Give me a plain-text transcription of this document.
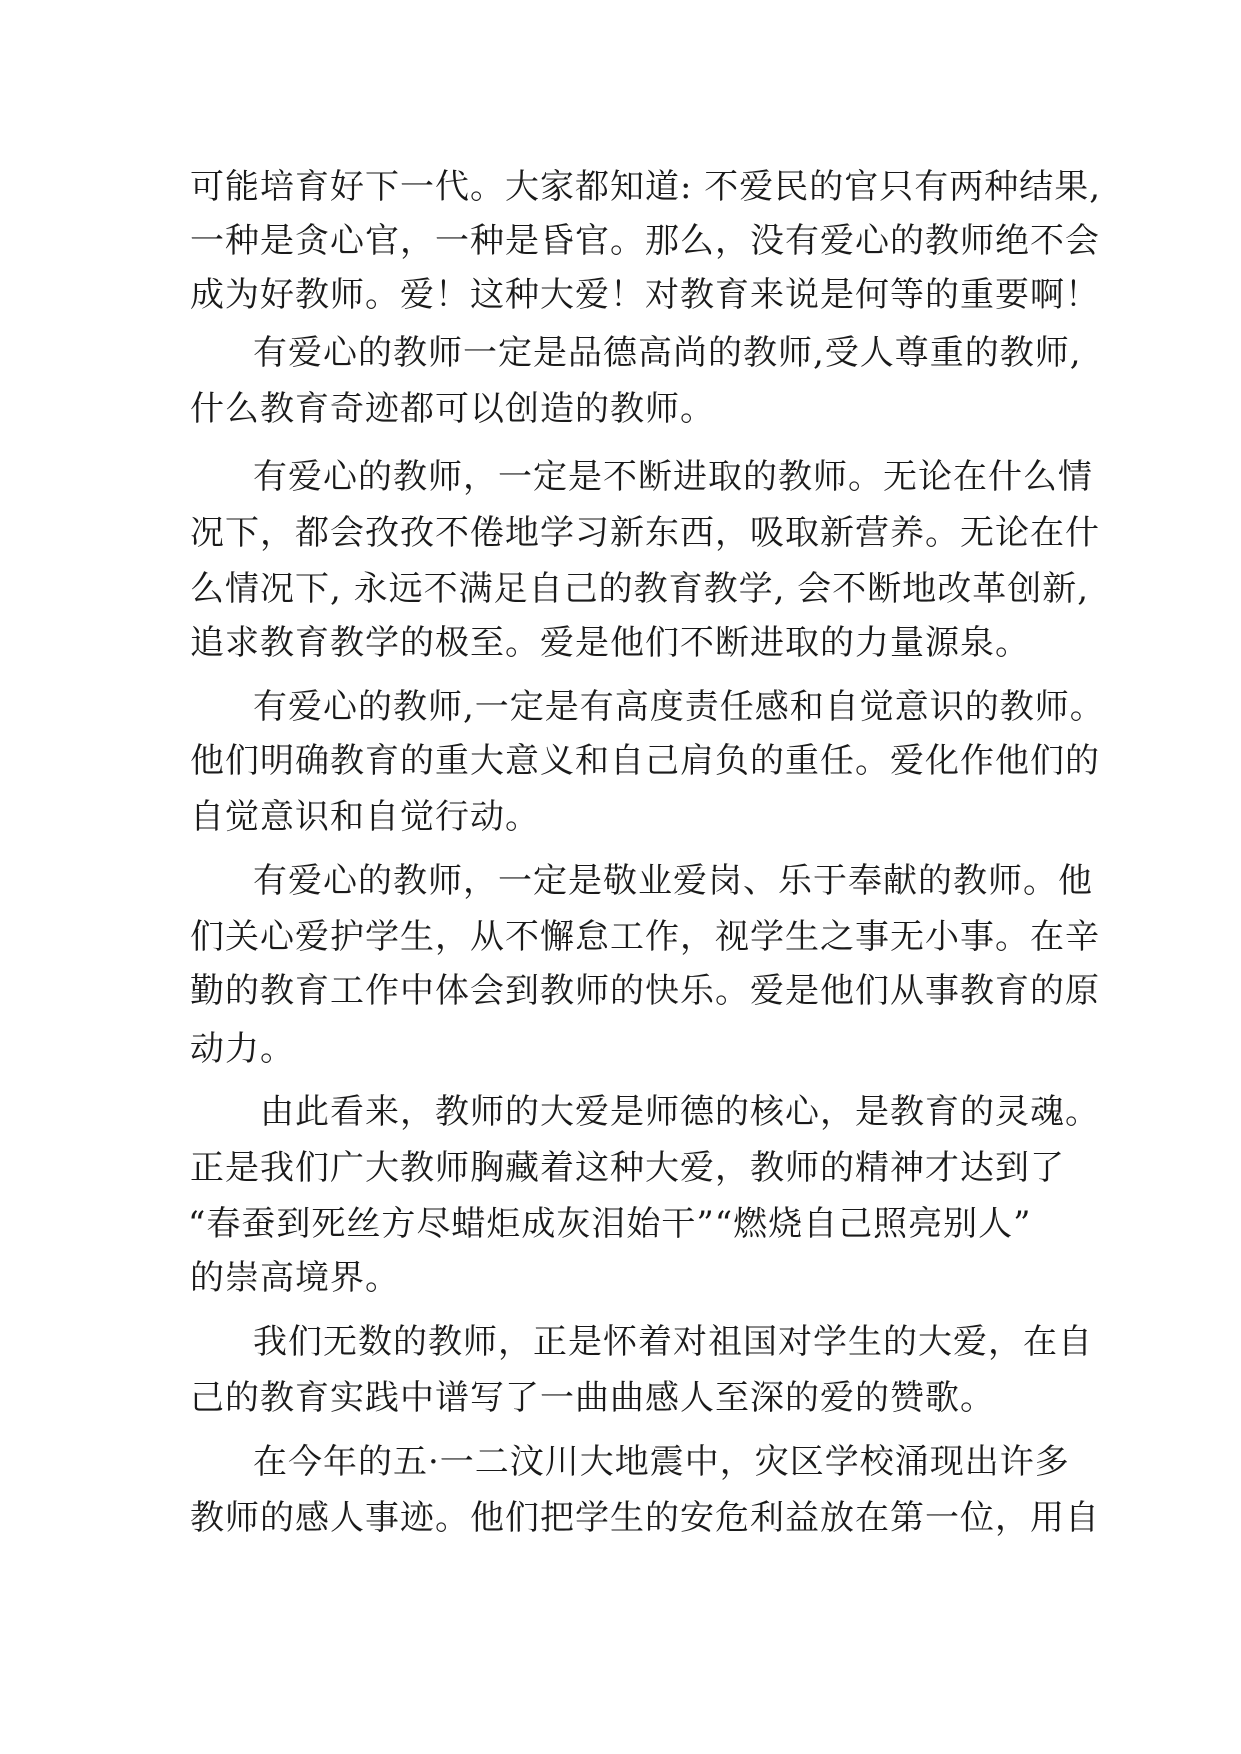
可能培育好下一代。大家都知道: 不爱民的官只有两种结果,
一种是贪心官，一种是昏官。那么，没有爱心的教师绝不会
成为好教师。爱！这种大爱！对教育来说是何等的重要啊！
有爱心的教师一定是品德高尚的教师,受人尊重的教师,
什么教育奇迹都可以创造的教师。
有爱心的教师，一定是不断进取的教师。无论在什么情
况下，都会孜孜不倦地学习新东西，吸取新营养。无论在什
么情况下, 永远不满足自己的教育教学, 会不断地改革创新,
追求教育教学的极至。爱是他们不断进取的力量源泉。
有爱心的教师,一定是有高度责任感和自觉意识的教师。
他们明确教育的重大意义和自己肩负的重任。爱化作他们的
自觉意识和自觉行动。
有爱心的教师，一定是敬业爱岗、乐于奉献的教师。他
们关心爱护学生，从不懈怠工作，视学生之事无小事。在辛
勤的教育工作中体会到教师的快乐。爱是他们从事教育的原
动力。
由此看来，教师的大爱是师德的核心，是教育的灵魂。
正是我们广大教师胸藏着这种大爱，教师的精神才达到了
“春蚕到死丝方尽蜡炬成灰泪始干”“燃烧自己照亮别人”
的崇高境界。
我们无数的教师，正是怀着对祖国对学生的大爱，在自
己的教育实践中谱写了一曲曲感人至深的爱的赞歌。
在今年的五·一二汶川大地震中，灾区学校涌现出许多
教师的感人事迹。他们把学生的安危利益放在第一位，用自
